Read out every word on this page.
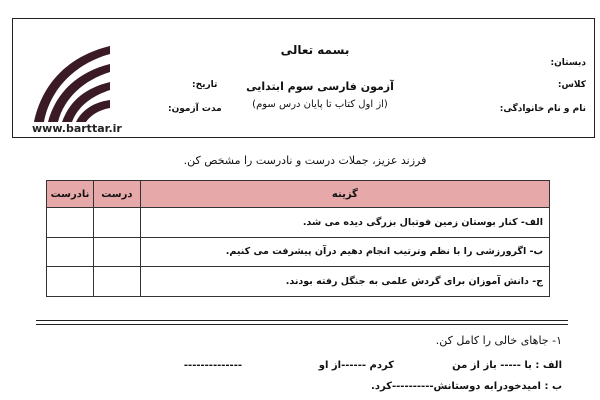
www.barttar.ir
بسمه تعالی
آزمون فارسی سوم ابتدایی
(از اول کتاب تا پایان درس سوم)
دبستان:
کلاس:
نام و نام خانوادگی:
تاریخ:
مدت آزمون:
فرزند عزیز، جملات درست و نادرست را مشخص کن.
گزینه	درست	نادرست
الف- کنار بوستان زمین فوتبال بزرگی دیده می شد.		
ب- اگرورزشی را با نظم وترتیب انجام دهیم درآن پیشرفت می کنیم.		
ج- دانش آموزان برای گردش علمی به جنگل رفته بودند.		
۱- جاهای خالی را کامل کن.
الف : با ----- باز از من
کردم ------از او
--------------
ب : امیدخودرابه دوستانش----------کرد.
